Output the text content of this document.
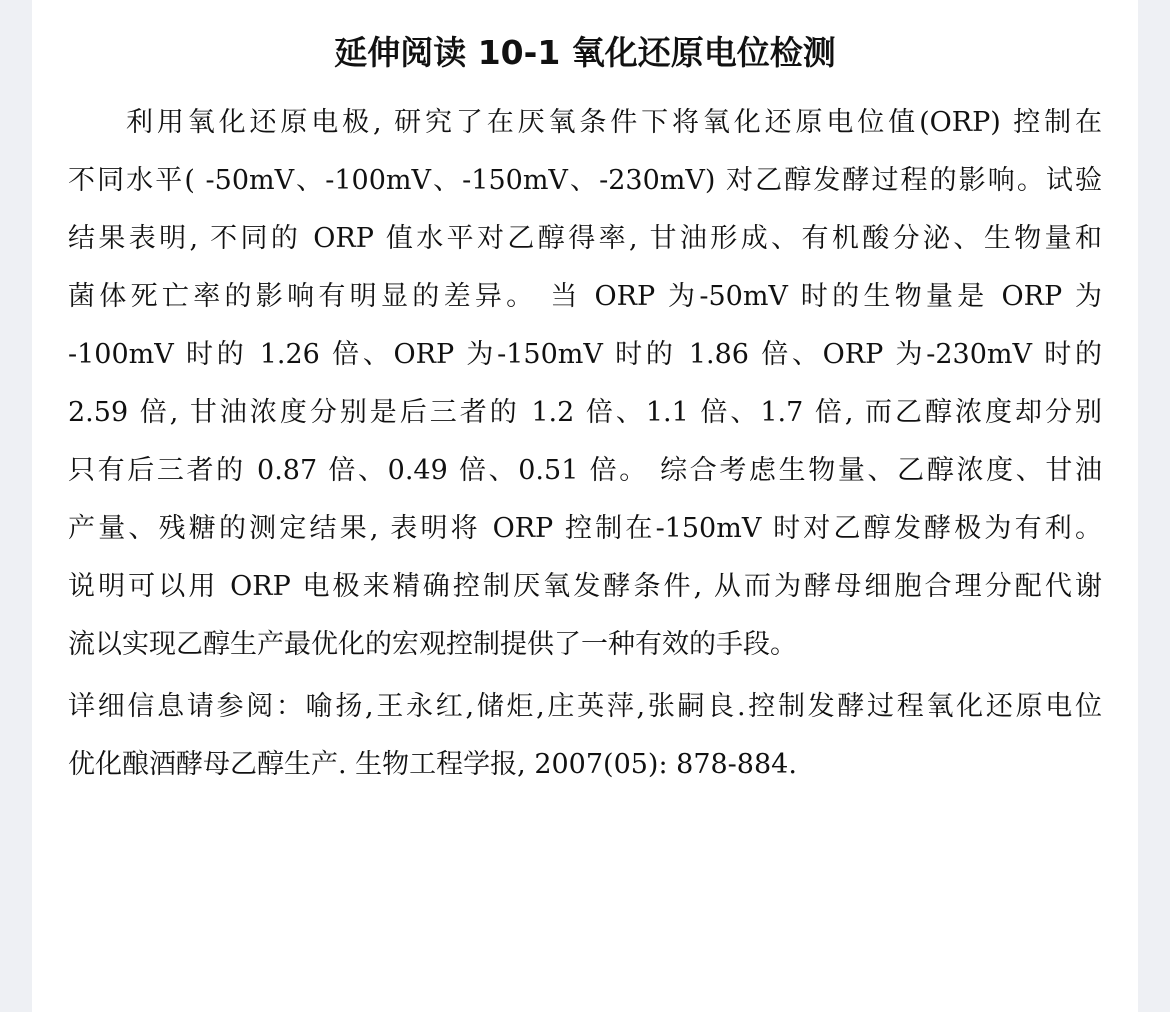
延伸阅读 10-1 氧化还原电位检测
利用氧化还原电极, 研究了在厌氧条件下将氧化还原电位值(ORP) 控制在
不同水平( -50mV、-100mV、-150mV、-230mV) 对乙醇发酵过程的影响。试验
结果表明, 不同的 ORP 值水平对乙醇得率, 甘油形成、有机酸分泌、生物量和
菌体死亡率的影响有明显的差异。 当 ORP 为-50mV 时的生物量是 ORP 为
-100mV 时的 1.26 倍、ORP 为-150mV 时的 1.86 倍、ORP 为-230mV 时的
2.59 倍, 甘油浓度分别是后三者的 1.2 倍、1.1 倍、1.7 倍, 而乙醇浓度却分别
只有后三者的 0.87 倍、0.49 倍、0.51 倍。 综合考虑生物量、乙醇浓度、甘油
产量、残糖的测定结果, 表明将 ORP 控制在-150mV 时对乙醇发酵极为有利。
说明可以用 ORP 电极来精确控制厌氧发酵条件, 从而为酵母细胞合理分配代谢
流以实现乙醇生产最优化的宏观控制提供了一种有效的手段。
详细信息请参阅：喻扬,王永红,储炬,庄英萍,张嗣良.控制发酵过程氧化还原电位
优化酿酒酵母乙醇生产. 生物工程学报, 2007(05): 878-884.
